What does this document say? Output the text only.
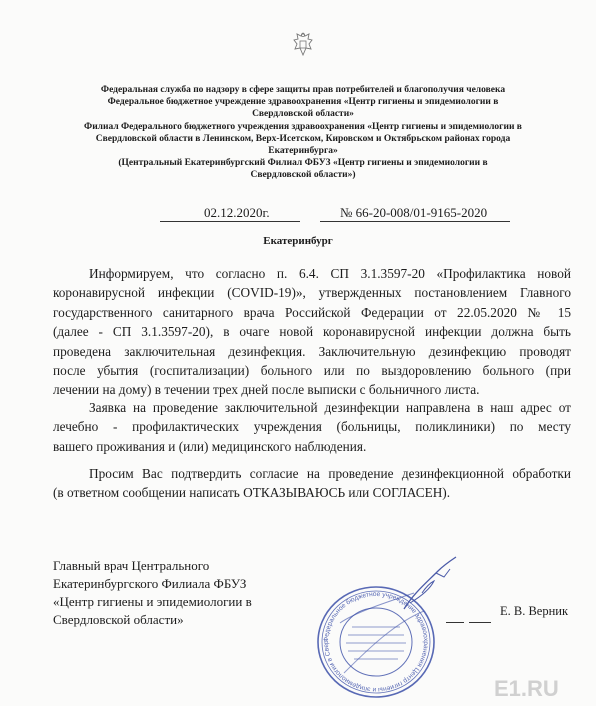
Федеральная служба по надзору в сфере защиты прав потребителей и благополучия человека
Федеральное бюджетное учреждение здравоохранения «Центр гигиены и эпидемиологии в
Свердловской области»
Филиал Федерального бюджетного учреждения здравоохранения «Центр гигиены и эпидемиологии в
Свердловской области в Ленинском, Верх-Исетском, Кировском и Октябрьском районах города
Екатеринбурга»
(Центральный Екатеринбургский Филиал ФБУЗ «Центр гигиены и эпидемиологии в
Свердловской области»)
02.12.2020г.	№ 66-20-008/01-9165-2020
Екатеринбург
Информируем, что согласно п. 6.4. СП 3.1.3597-20 «Профилактика новой
коронавирусной инфекции (COVID-19)», утвержденных постановлением Главного
государственного санитарного врача Российской Федерации от 22.05.2020 № 15
(далее - СП 3.1.3597-20), в очаге новой коронавирусной инфекции должна быть
проведена заключительная дезинфекция. Заключительную дезинфекцию проводят
после убытия (госпитализации) больного или по выздоровлению больного (при
лечении на дому) в течении трех дней после выписки с больничного листа.
Заявка на проведение заключительной дезинфекции направлена в наш адрес от
лечебно - профилактических учреждения (больницы, поликлиники) по месту
вашего проживания и (или) медицинского наблюдения.
Просим Вас подтвердить согласие на проведение дезинфекционной обработки
(в ответном сообщении написать ОТКАЗЫВАЮСЬ или СОГЛАСЕН).
Главный врач Центрального
Екатеринбургского Филиала ФБУЗ
«Центр гигиены и эпидемиологии в
Свердловской области»
Е. В. Верник
Федеральное бюджетное учреждение здравоохранения Центр гигиены и эпидемиологии в Свер
E1.RU
